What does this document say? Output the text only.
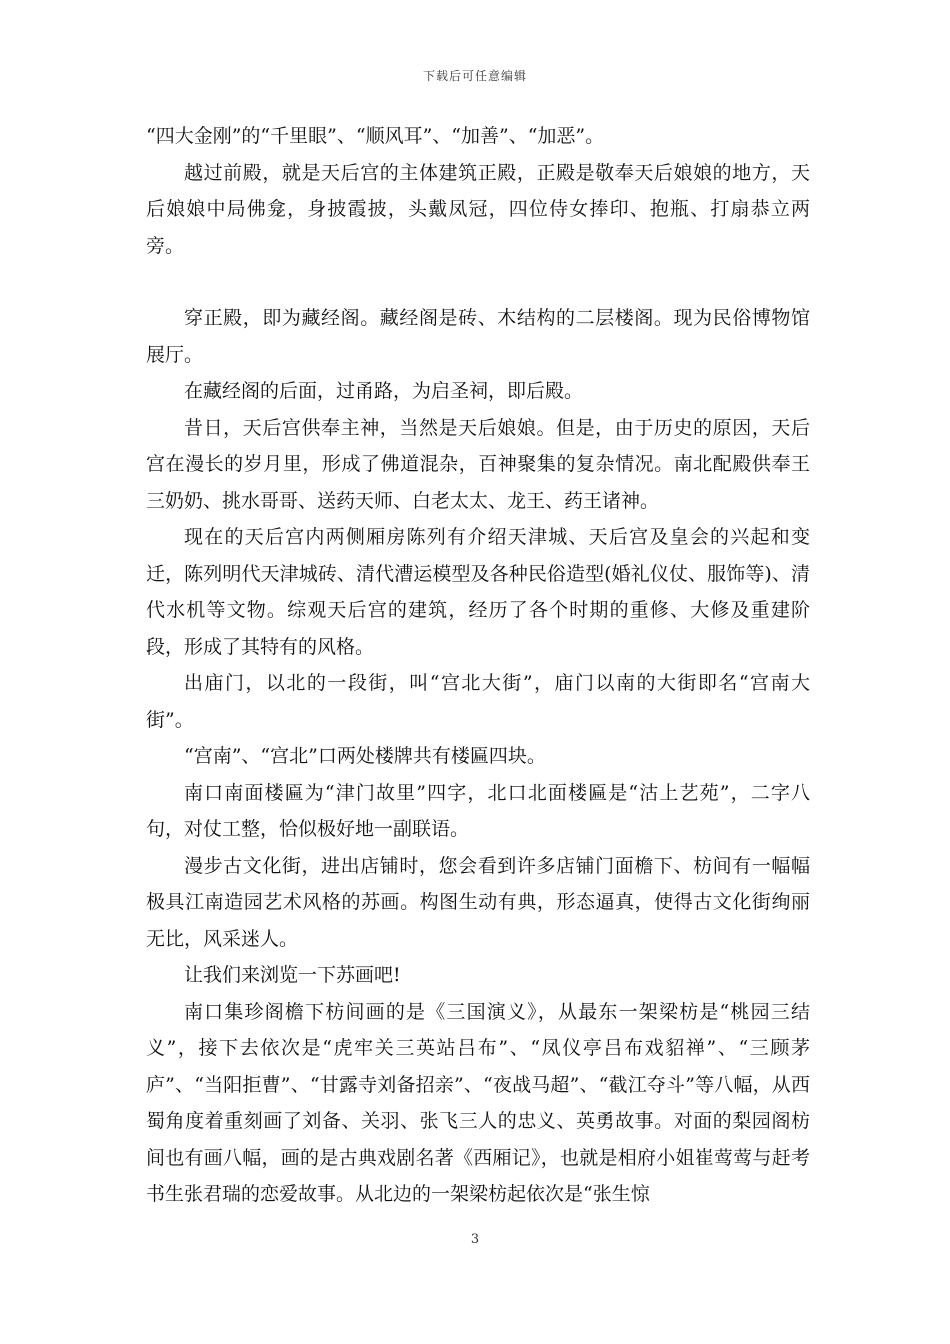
下载后可任意编辑

“四大金刚”的“千里眼”、“顺风耳”、“加善”、“加恶”。

越过前殿，就是天后宫的主体建筑正殿，正殿是敬奉天后娘娘的地方，天后娘娘中局佛龛，身披霞披，头戴凤冠，四位侍女捧印、抱瓶、打扇恭立两旁。

穿正殿，即为藏经阁。藏经阁是砖、木结构的二层楼阁。现为民俗博物馆展厅。

在藏经阁的后面，过甬路，为启圣祠，即后殿。

昔日，天后宫供奉主神，当然是天后娘娘。但是，由于历史的原因，天后宫在漫长的岁月里，形成了佛道混杂，百神聚集的复杂情况。南北配殿供奉王三奶奶、挑水哥哥、送药天师、白老太太、龙王、药王诸神。

现在的天后宫内两侧厢房陈列有介绍天津城、天后宫及皇会的兴起和变迁，陈列明代天津城砖、清代漕运模型及各种民俗造型(婚礼仪仗、服饰等)、清代水机等文物。综观天后宫的建筑，经历了各个时期的重修、大修及重建阶段，形成了其特有的风格。

出庙门，以北的一段街，叫“宫北大街”，庙门以南的大街即名“宫南大街”。

“宫南”、“宫北”口两处楼牌共有楼匾四块。

南口南面楼匾为“津门故里”四字，北口北面楼匾是“沽上艺苑”，二字八句，对仗工整，恰似极好地一副联语。

漫步古文化街，进出店铺时，您会看到许多店铺门面檐下、枋间有一幅幅极具江南造园艺术风格的苏画。构图生动有典，形态逼真，使得古文化街绚丽无比，风采迷人。

让我们来浏览一下苏画吧!

南口集珍阁檐下枋间画的是《三国演义》，从最东一架梁枋是“桃园三结义”，接下去依次是“虎牢关三英站吕布”、“凤仪亭吕布戏貂禅”、“三顾茅庐”、“当阳拒曹”、“甘露寺刘备招亲”、“夜战马超”、“截江夺斗”等八幅，从西蜀角度着重刻画了刘备、关羽、张飞三人的忠义、英勇故事。对面的梨园阁枋间也有画八幅，画的是古典戏剧名著《西厢记》，也就是相府小姐崔莺莺与赶考书生张君瑞的恋爱故事。从北边的一架梁枋起依次是“张生惊

3
